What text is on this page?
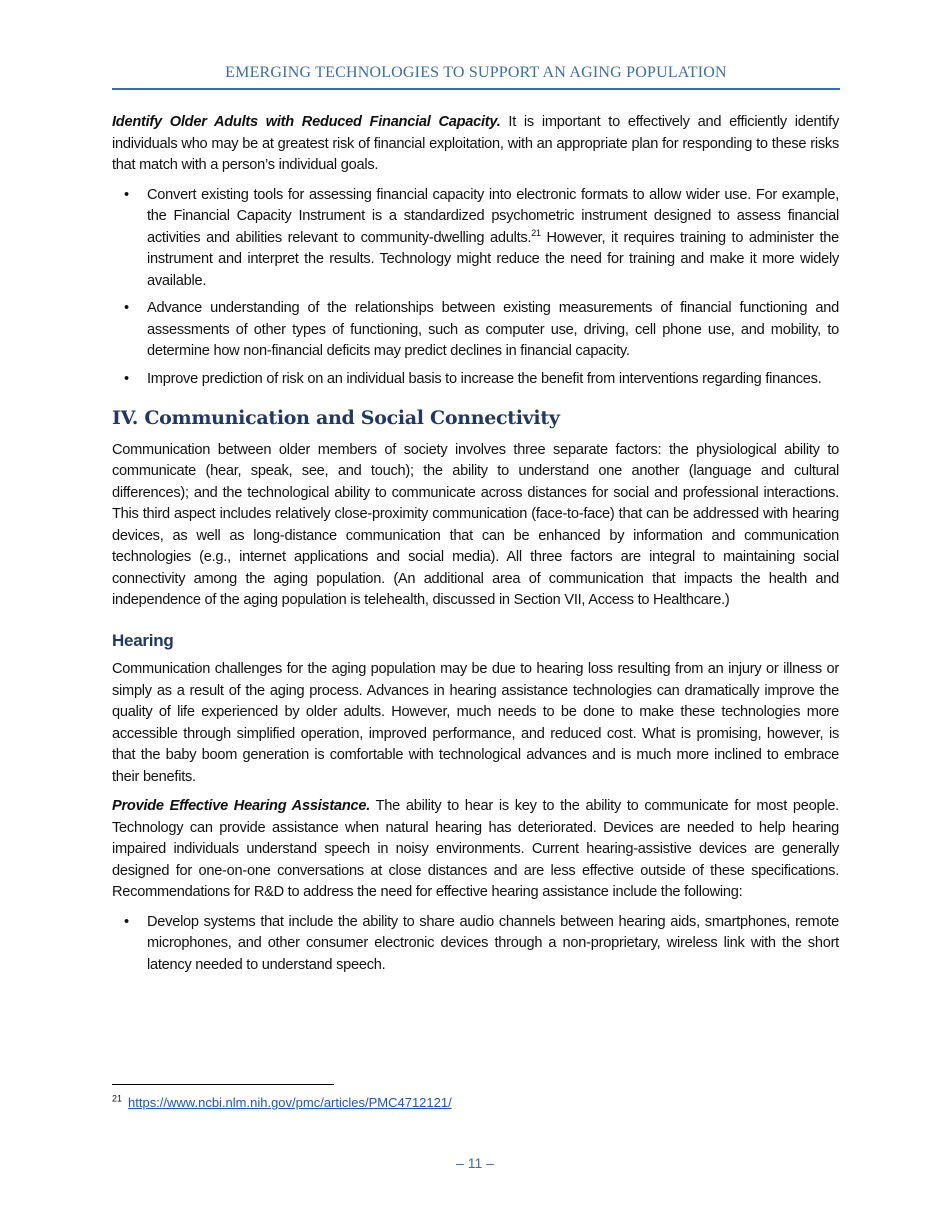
EMERGING TECHNOLOGIES TO SUPPORT AN AGING POPULATION

Identify Older Adults with Reduced Financial Capacity. It is important to effectively and efficiently identify individuals who may be at greatest risk of financial exploitation, with an appropriate plan for responding to these risks that match with a person’s individual goals.

• Convert existing tools for assessing financial capacity into electronic formats to allow wider use. For example, the Financial Capacity Instrument is a standardized psychometric instrument designed to assess financial activities and abilities relevant to community-dwelling adults.$^{21}$ However, it requires training to administer the instrument and interpret the results. Technology might reduce the need for training and make it more widely available.
• Advance understanding of the relationships between existing measurements of financial functioning and assessments of other types of functioning, such as computer use, driving, cell phone use, and mobility, to determine how non-financial deficits may predict declines in financial capacity.
• Improve prediction of risk on an individual basis to increase the benefit from interventions regarding finances.
IV. Communication and Social Connectivity

Communication between older members of society involves three separate factors: the physiological ability to communicate (hear, speak, see, and touch); the ability to understand one another (language and cultural differences); and the technological ability to communicate across distances for social and professional interactions. This third aspect includes relatively close-proximity communication (face-to-face) that can be addressed with hearing devices, as well as long-distance communication that can be enhanced by information and communication technologies (e.g., internet applications and social media). All three factors are integral to maintaining social connectivity among the aging population. (An additional area of communication that impacts the health and independence of the aging population is telehealth, discussed in Section VII, Access to Healthcare.)

Hearing

Communication challenges for the aging population may be due to hearing loss resulting from an injury or illness or simply as a result of the aging process. Advances in hearing assistance technologies can dramatically improve the quality of life experienced by older adults. However, much needs to be done to make these technologies more accessible through simplified operation, improved performance, and reduced cost. What is promising, however, is that the baby boom generation is comfortable with technological advances and is much more inclined to embrace their benefits.

Provide Effective Hearing Assistance. The ability to hear is key to the ability to communicate for most people. Technology can provide assistance when natural hearing has deteriorated. Devices are needed to help hearing impaired individuals understand speech in noisy environments. Current hearing-assistive devices are generally designed for one-on-one conversations at close distances and are less effective outside of these specifications. Recommendations for R&D to address the need for effective hearing assistance include the following:

• Develop systems that include the ability to share audio channels between hearing aids, smartphones, remote microphones, and other consumer electronic devices through a non-proprietary, wireless link with the short latency needed to understand speech.
$^{21}$ https://www.ncbi.nlm.nih.gov/pmc/articles/PMC4712121/
– 11 –
